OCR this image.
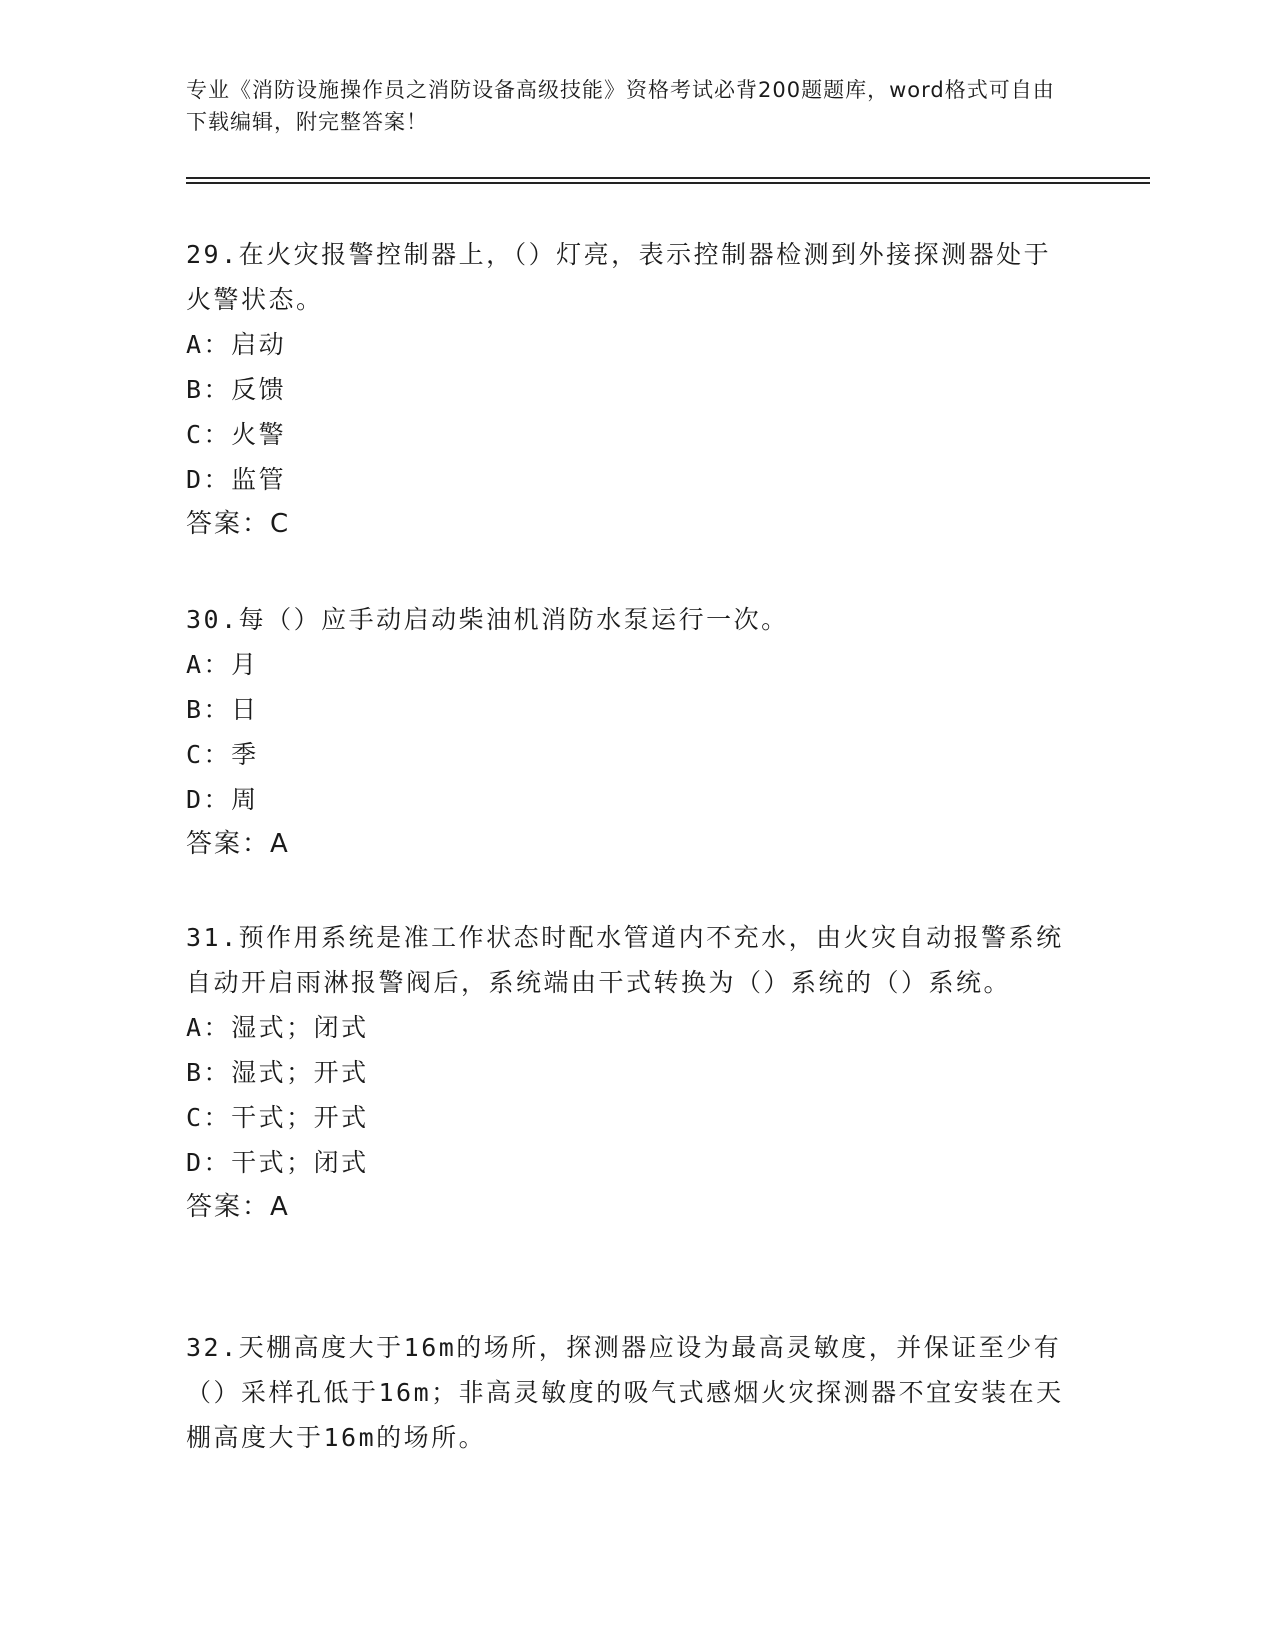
专业《消防设施操作员之消防设备高级技能》资格考试必背200题题库，word格式可自由下载编辑，附完整答案！

29.在火灾报警控制器上，（）灯亮，表示控制器检测到外接探测器处于火警状态。

A：启动

B：反馈

C：火警

D：监管

答案：C

30.每（）应手动启动柴油机消防水泵运行一次。

A：月

B：日

C：季

D：周

答案：A

31.预作用系统是准工作状态时配水管道内不充水，由火灾自动报警系统自动开启雨淋报警阀后，系统端由干式转换为（）系统的（）系统。

A：湿式；闭式

B：湿式；开式

C：干式；开式

D：干式；闭式

答案：A

32.天棚高度大于16m的场所，探测器应设为最高灵敏度，并保证至少有（）采样孔低于16m；非高灵敏度的吸气式感烟火灾探测器不宜安装在天棚高度大于16m的场所。
